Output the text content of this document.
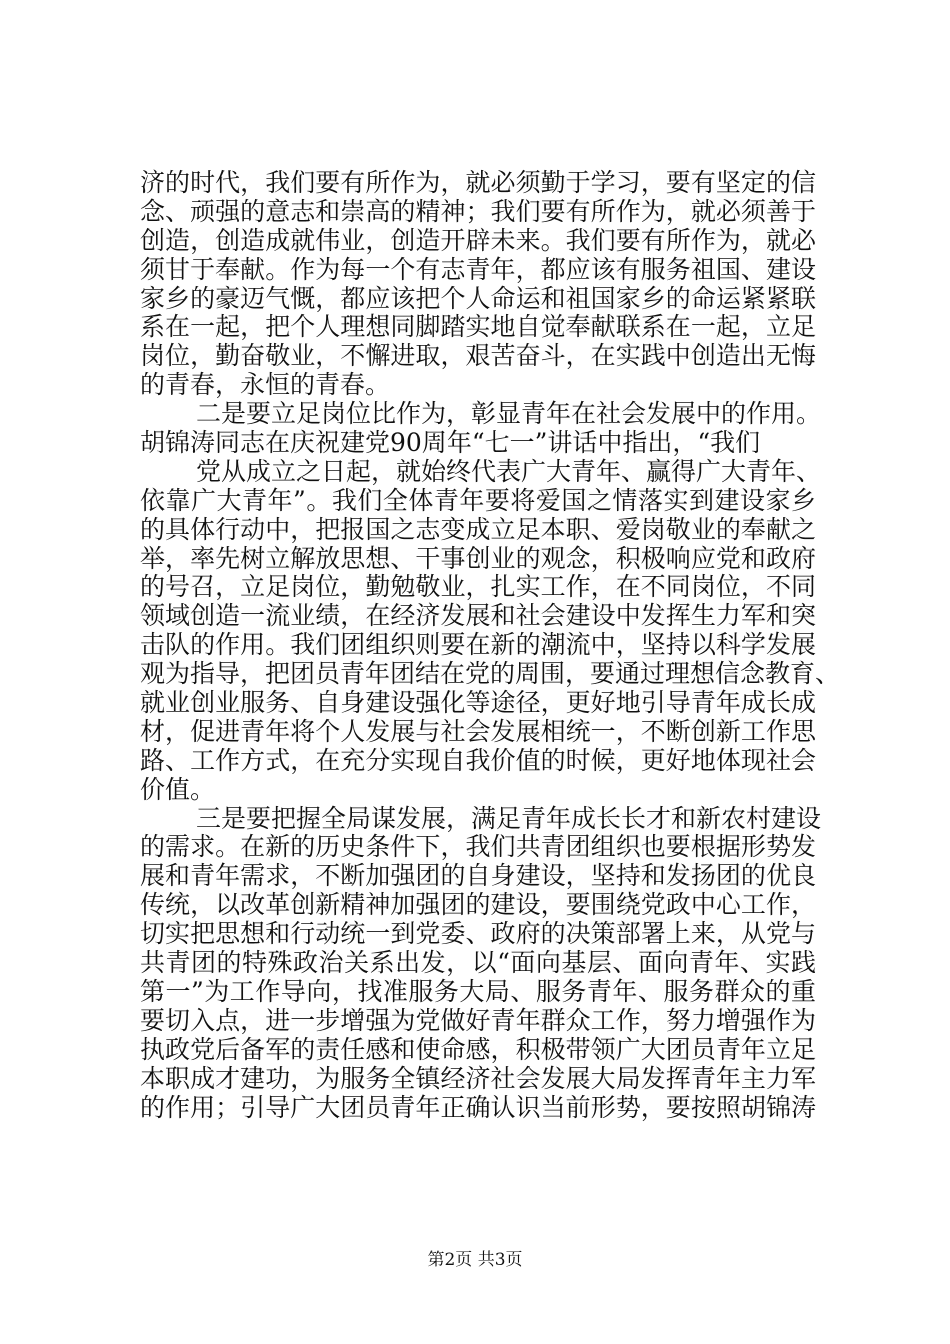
济的时代，我们要有所作为，就必须勤于学习，要有坚定的信
念、顽强的意志和崇高的精神；我们要有所作为，就必须善于
创造，创造成就伟业，创造开辟未来。我们要有所作为，就必
须甘于奉献。作为每一个有志青年，都应该有服务祖国、建设
家乡的豪迈气慨，都应该把个人命运和祖国家乡的命运紧紧联
系在一起，把个人理想同脚踏实地自觉奉献联系在一起，立足
岗位，勤奋敬业，不懈进取，艰苦奋斗，在实践中创造出无悔
的青春，永恒的青春。
二是要立足岗位比作为，彰显青年在社会发展中的作用。
胡锦涛同志在庆祝建党90周年“七一”讲话中指出，“我们
党从成立之日起，就始终代表广大青年、赢得广大青年、
依靠广大青年”。我们全体青年要将爱国之情落实到建设家乡
的具体行动中，把报国之志变成立足本职、爱岗敬业的奉献之
举，率先树立解放思想、干事创业的观念，积极响应党和政府
的号召，立足岗位，勤勉敬业，扎实工作，在不同岗位，不同
领域创造一流业绩，在经济发展和社会建设中发挥生力军和突
击队的作用。我们团组织则要在新的潮流中，坚持以科学发展
观为指导，把团员青年团结在党的周围，要通过理想信念教育、
就业创业服务、自身建设强化等途径，更好地引导青年成长成
材，促进青年将个人发展与社会发展相统一，不断创新工作思
路、工作方式，在充分实现自我价值的时候，更好地体现社会
价值。
三是要把握全局谋发展，满足青年成长长才和新农村建设
的需求。在新的历史条件下，我们共青团组织也要根据形势发
展和青年需求，不断加强团的自身建设，坚持和发扬团的优良
传统，以改革创新精神加强团的建设，要围绕党政中心工作，
切实把思想和行动统一到党委、政府的决策部署上来，从党与
共青团的特殊政治关系出发，以“面向基层、面向青年、实践
第一”为工作导向，找准服务大局、服务青年、服务群众的重
要切入点，进一步增强为党做好青年群众工作，努力增强作为
执政党后备军的责任感和使命感，积极带领广大团员青年立足
本职成才建功，为服务全镇经济社会发展大局发挥青年主力军
的作用；引导广大团员青年正确认识当前形势，要按照胡锦涛
第2页 共3页
